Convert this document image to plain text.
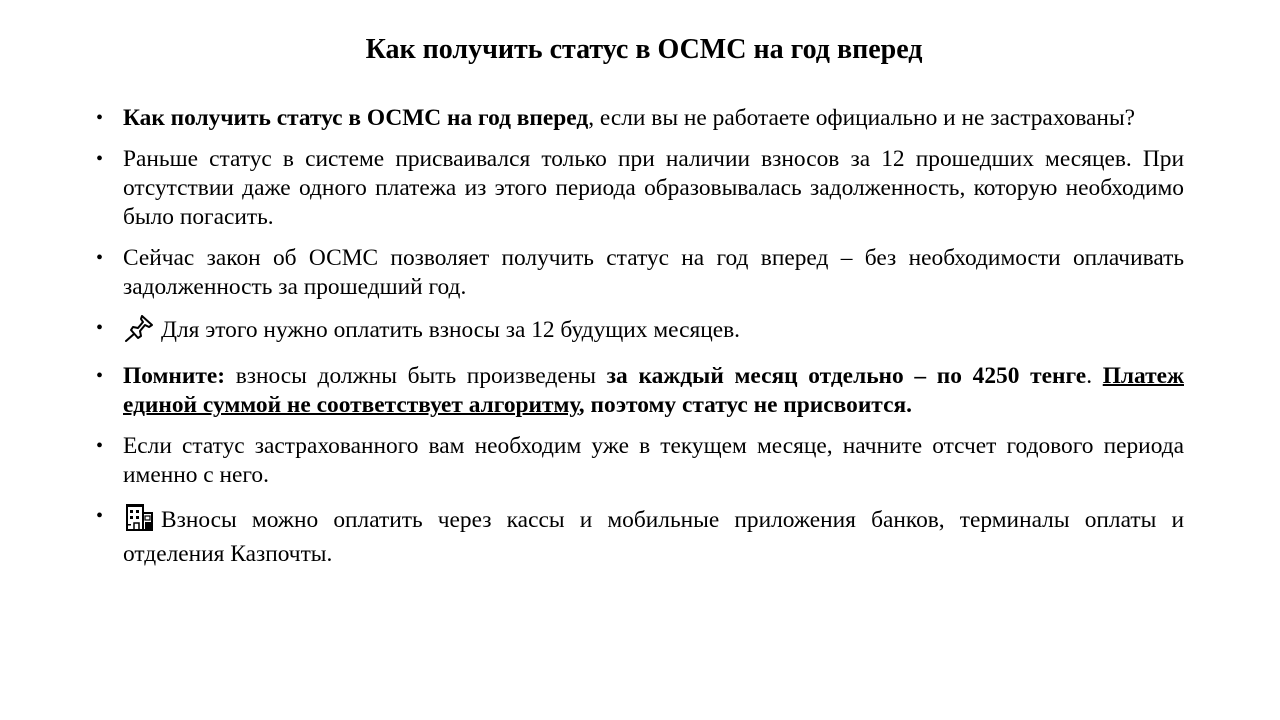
Как получить статус в ОСМС на год вперед
• Как получить статус в ОСМС на год вперед, если вы не работаете официально и не застрахованы?
• Раньше статус в системе присваивался только при наличии взносов за 12 прошедших месяцев. При отсутствии даже одного платежа из этого периода образовывалась задолженность, которую необходимо было погасить.
• Сейчас закон об ОСМС позволяет получить статус на год вперед – без необходимости оплачивать задолженность за прошедший год.
• Для этого нужно оплатить взносы за 12 будущих месяцев.
• Помните: взносы должны быть произведены за каждый месяц отдельно – по 4250 тенге. Платеж единой суммой не соответствует алгоритму, поэтому статус не присвоится.
• Если статус застрахованного вам необходим уже в текущем месяце, начните отсчет годового периода именно с него.
• Взносы можно оплатить через кассы и мобильные приложения банков, терминалы оплаты и отделения Казпочты.
